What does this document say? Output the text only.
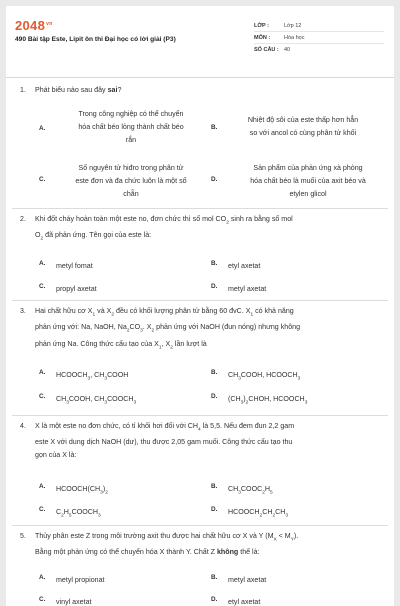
$2048^{vn}$
490 Bài tập Este, Lipit ôn thi Đại học có lời giải (P3)
LỚP :	Lớp 12
MÔN :	Hóa học
SỐ CÂU : 40
1. Phát biểu nào sau đây sai?
A.
Trong công nghiệp có thể chuyển
hóa chất béo lỏng thành chất béo
rắn
B.
Nhiệt độ sôi của este thấp hơn hẳn
so với ancol có cùng phân tử khối
C.
Số nguyên tử hiđro trong phân tử
este đơn và đa chức luôn là một số
chẵn
D.
Sản phẩm của phản ứng xà phòng
hóa chất béo là muối của axit béo và
etylen glicol
2. Khi đốt cháy hoàn toàn một este no, đơn chức thì số mol $CO_2$ sinh ra bằng số mol
$O_2$ đã phản ứng. Tên gọi của este là:
A. metyl fomat	B. etyl axetat
C. propyl axetat	D. metyl axetat
3. Hai chất hữu cơ $X_1$ và $X_2$ đều có khối lượng phân tử bằng 60 đvC. $X_1$ có khả năng
phản ứng với: Na, NaOH, $Na_2CO_3$. $X_2$ phản ứng với NaOH (đun nóng) nhưng không
phản ứng Na. Công thức cấu tạo của $X_1$, $X_2$ lần lượt là
A. $HCOOCH_3$, $CH_3COOH$	B. $CH_3COOH$, $HCOOCH_3$
C. $CH_3COOH$, $CH_3COOCH_3$
D. $(CH_3)_2CHOH$, $HCOOCH_3$
4. X là một este no đơn chức, có tỉ khối hơi đối với $CH_4$ là 5,5. Nếu đem đun 2,2 gam
este X với dung dịch NaOH (dư), thu được 2,05 gam muối. Công thức cấu tạo thu
gọn của X là:
A. $HCOOCH(CH_3)_2$
B. $CH_3COOC_2H_5$
C. $C_2H_5COOCH_3$
D. $HCOOCH_2CH_2CH_3$
5. Thủy phân este Z trong môi trường axit thu được hai chất hữu cơ X và Y $(M_X < M_Y)$.
Bằng một phản ứng có thể chuyển hóa X thành Y. Chất Z không thể là:
A. metyl propionat	B. metyl axetat
C. vinyl axetat	D. etyl axetat
